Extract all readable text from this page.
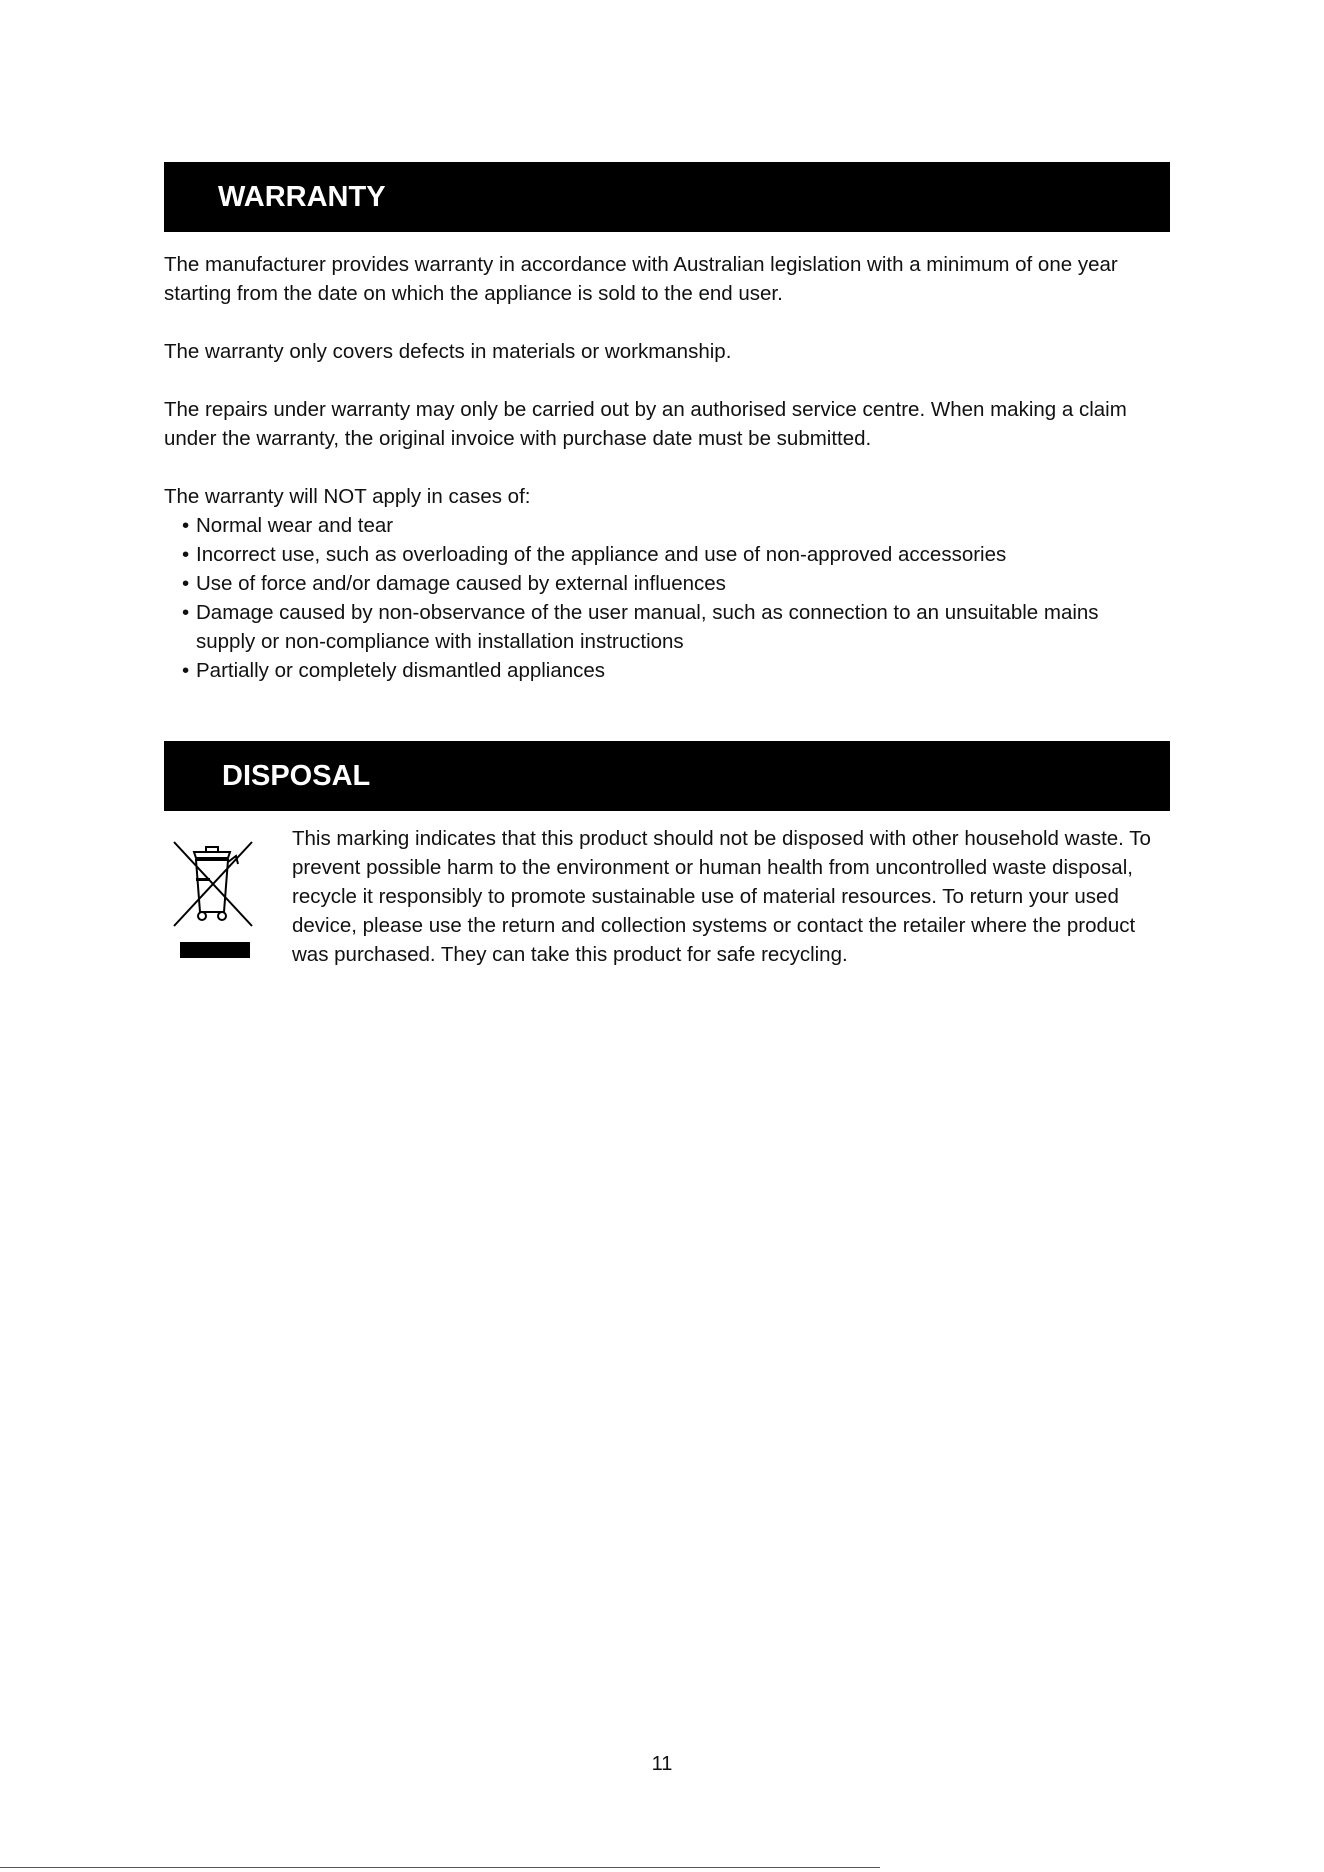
WARRANTY

The manufacturer provides warranty in accordance with Australian legislation with a minimum of one year starting from the date on which the appliance is sold to the end user.

The warranty only covers defects in materials or workmanship.

The repairs under warranty may only be carried out by an authorised service centre. When making a claim under the warranty, the original invoice with purchase date must be submitted.

The warranty will NOT apply in cases of:
• Normal wear and tear
• Incorrect use, such as overloading of the appliance and use of non-approved accessories
• Use of force and/or damage caused by external influences
• Damage caused by non-observance of the user manual, such as connection to an unsuitable mains supply or non-compliance with installation instructions
• Partially or completely dismantled appliances
DISPOSAL

This marking indicates that this product should not be disposed with other household waste. To prevent possible harm to the environment or human health from uncontrolled waste disposal, recycle it responsibly to promote sustainable use of material resources. To return your used device, please use the return and collection systems or contact the retailer where the product was purchased. They can take this product for safe recycling.

11
